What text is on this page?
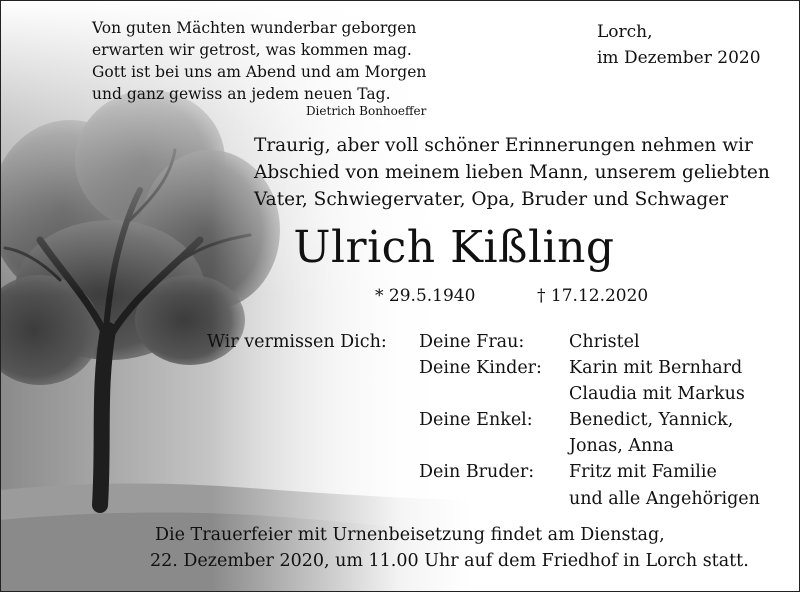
Von guten Mächten wunderbar geborgen
erwarten wir getrost, was kommen mag.
Gott ist bei uns am Abend und am Morgen
und ganz gewiss an jedem neuen Tag.
Dietrich Bonhoeffer
Lorch,
im Dezember 2020
Traurig, aber voll schöner Erinnerungen nehmen wir
Abschied von meinem lieben Mann, unserem geliebten
Vater, Schwiegervater, Opa, Bruder und Schwager
Ulrich Kißling
* 29.5.1940	† 17.12.2020
Wir vermissen Dich:	Deine Frau:	Christel
	Deine Kinder:	Karin mit Bernhard
Claudia mit Markus
	Deine Enkel:	Benedict, Yannick,
Jonas, Anna
	Dein Bruder:	Fritz mit Familie
und alle Angehörigen
Die Trauerfeier mit Urnenbeisetzung findet am Dienstag,
22. Dezember 2020, um 11.00 Uhr auf dem Friedhof in Lorch statt.
